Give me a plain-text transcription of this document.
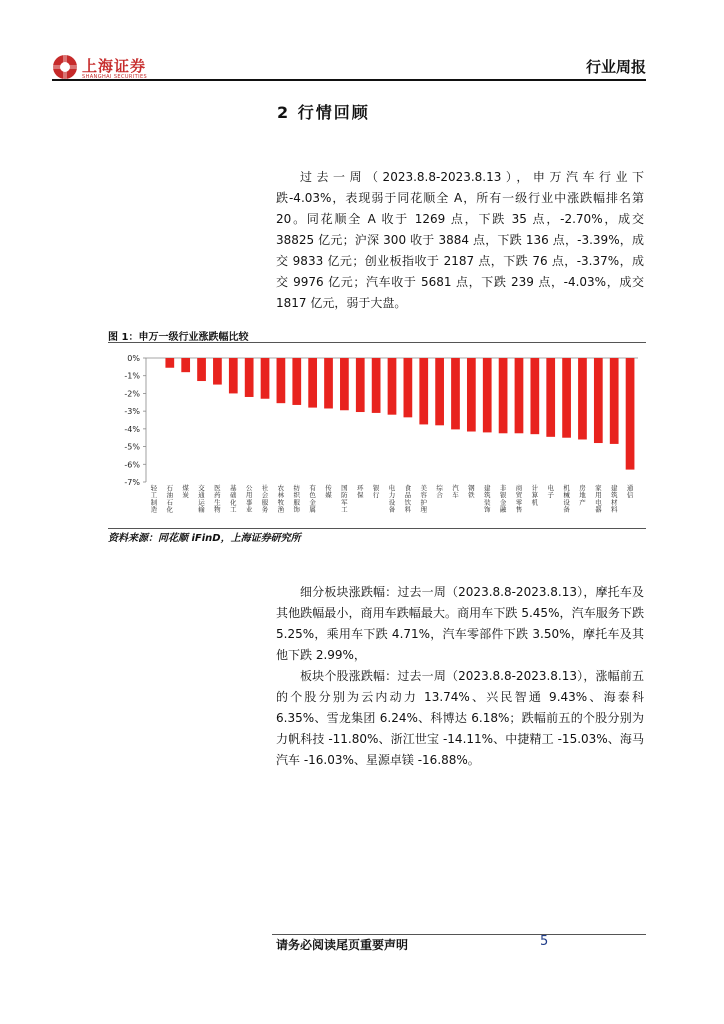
上海证券
SHANGHAI SECURITIES
行业周报
2 行情回顾

过去一周（2023.8.8-2023.8.13），申万汽车行业下跌-4.03%，表现弱于同花顺全 A，所有一级行业中涨跌幅排名第 20。同花顺全 A 收于 1269 点，下跌 35 点，-2.70%，成交 38825 亿元；沪深 300 收于 3884 点，下跌 136 点，-3.39%，成交 9833 亿元；创业板指收于 2187 点，下跌 76 点，-3.37%，成交 9976 亿元；汽车收于 5681 点，下跌 239 点，-4.03%，成交 1817 亿元，弱于大盘。

图 1：申万一级行业涨跌幅比较
0%
-1%
-2%
-3%
-4%
-5%
-6%
-7%
轻工制造
石油石化
煤炭
交通运输
医药生物
基础化工
公用事业
社会服务
农林牧渔
纺织服饰
有色金属
传媒
国防军工
环保
银行
电力设备
食品饮料
美容护理
综合
汽车
钢铁
建筑装饰
非银金融
商贸零售
计算机
电子
机械设备
房地产
家用电器
建筑材料
通信
资料来源：同花顺 iFinD，上海证券研究所

细分板块涨跌幅：过去一周（2023.8.8-2023.8.13），摩托车及其他跌幅最小，商用车跌幅最大。商用车下跌 5.45%，汽车服务下跌 5.25%，乘用车下跌 4.71%，汽车零部件下跌 3.50%，摩托车及其他下跌 2.99%，

板块个股涨跌幅：过去一周（2023.8.8-2023.8.13），涨幅前五的个股分别为云内动力 13.74%、兴民智通 9.43%、海泰科 6.35%、雪龙集团 6.24%、科博达 6.18%；跌幅前五的个股分别为力帆科技 -11.80%、浙江世宝 -14.11%、中捷精工 -15.03%、海马汽车 -16.03%、星源卓镁 -16.88%。

请务必阅读尾页重要声明	5
